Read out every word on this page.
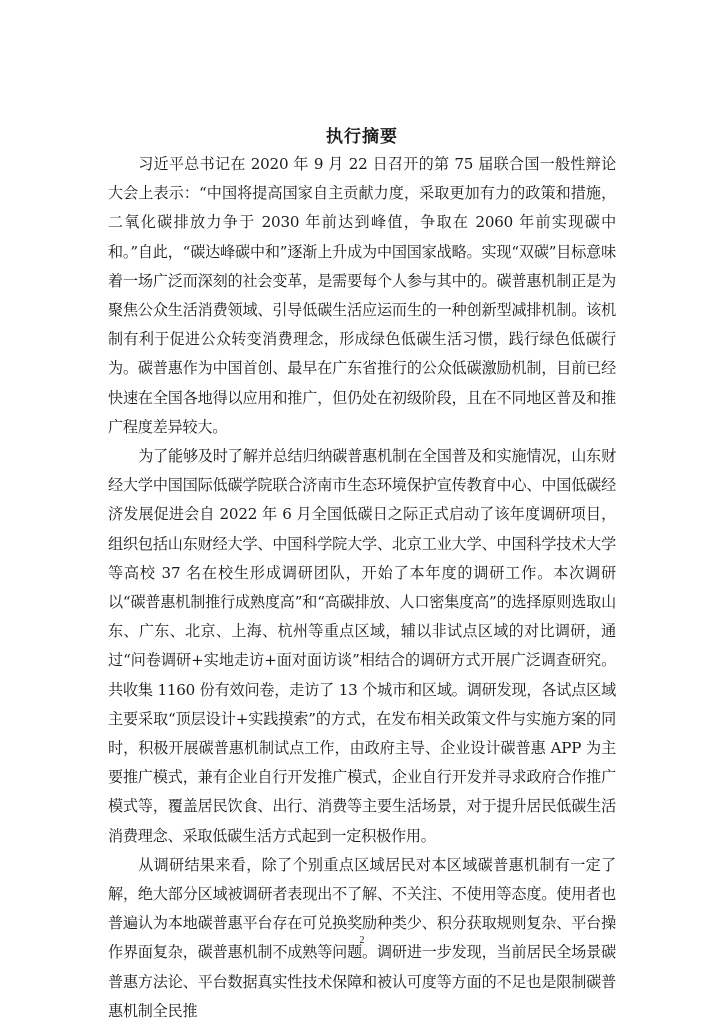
执行摘要

习近平总书记在 2020 年 9 月 22 日召开的第 75 届联合国一般性辩论大会上表示：“中国将提高国家自主贡献力度，采取更加有力的政策和措施，二氧化碳排放力争于 2030 年前达到峰值，争取在 2060 年前实现碳中和。”自此，“碳达峰碳中和”逐渐上升成为中国国家战略。实现“双碳”目标意味着一场广泛而深刻的社会变革，是需要每个人参与其中的。碳普惠机制正是为聚焦公众生活消费领域、引导低碳生活应运而生的一种创新型减排机制。该机制有利于促进公众转变消费理念，形成绿色低碳生活习惯，践行绿色低碳行为。碳普惠作为中国首创、最早在广东省推行的公众低碳激励机制，目前已经快速在全国各地得以应用和推广，但仍处在初级阶段，且在不同地区普及和推广程度差异较大。

为了能够及时了解并总结归纳碳普惠机制在全国普及和实施情况，山东财经大学中国国际低碳学院联合济南市生态环境保护宣传教育中心、中国低碳经济发展促进会自 2022 年 6 月全国低碳日之际正式启动了该年度调研项目，组织包括山东财经大学、中国科学院大学、北京工业大学、中国科学技术大学等高校 37 名在校生形成调研团队，开始了本年度的调研工作。本次调研以“碳普惠机制推行成熟度高”和“高碳排放、人口密集度高”的选择原则选取山东、广东、北京、上海、杭州等重点区域，辅以非试点区域的对比调研，通过“问卷调研+实地走访+面对面访谈”相结合的调研方式开展广泛调查研究。共收集 1160 份有效问卷，走访了 13 个城市和区域。调研发现，各试点区域主要采取“顶层设计+实践摸索”的方式，在发布相关政策文件与实施方案的同时，积极开展碳普惠机制试点工作，由政府主导、企业设计碳普惠 APP 为主要推广模式，兼有企业自行开发推广模式，企业自行开发并寻求政府合作推广模式等，覆盖居民饮食、出行、消费等主要生活场景，对于提升居民低碳生活消费理念、采取低碳生活方式起到一定积极作用。

从调研结果来看，除了个别重点区域居民对本区域碳普惠机制有一定了解，绝大部分区域被调研者表现出不了解、不关注、不使用等态度。使用者也普遍认为本地碳普惠平台存在可兑换奖励种类少、积分获取规则复杂、平台操作界面复杂，碳普惠机制不成熟等问题。调研进一步发现，当前居民全场景碳普惠方法论、平台数据真实性技术保障和被认可度等方面的不足也是限制碳普惠机制全民推

2
